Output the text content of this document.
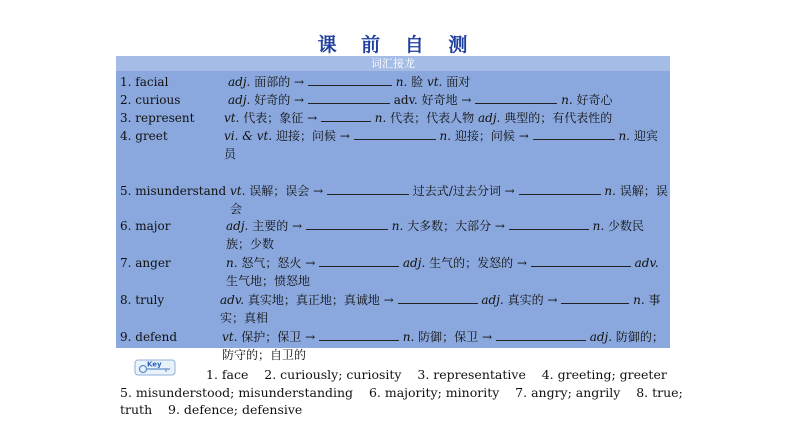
课 前 自 测
词汇接龙
1. facial	adj. 面部的 →	n. 脸 vt. 面对
2. curious	adj. 好奇的 →	adv. 好奇地 →	n. 好奇心
3. represent vt. 代表；象征 →	n. 代表；代表人物 adj. 典型的；有代表性的
4. greet	vi. & vt. 迎接；问候 →	n. 迎接；问候 →	n. 迎宾员
5. misunderstand vt. 误解；误会 →	过去式/过去分词 →	n. 误解；误会
6. major	adj. 主要的 →	n. 大多数；大部分 →	n. 少数民族；少数
7. anger	n. 怒气；怒火 →	adj. 生气的；发怒的 →	adv.生气地；愤怒地
8. truly	adv. 真实地；真正地；真诚地 →	adj. 真实的 →	n. 事实；真相
9. defend	vt. 保护；保卫 →	n. 防御；保卫 →	adj. 防御的；防守的；自卫的
Key
1. face    2. curiously; curiosity    3. representative    4. greeting; greeter
5. misunderstood; misunderstanding    6. majority; minority    7. angry; angrily    8. true;
truth    9. defence; defensive
